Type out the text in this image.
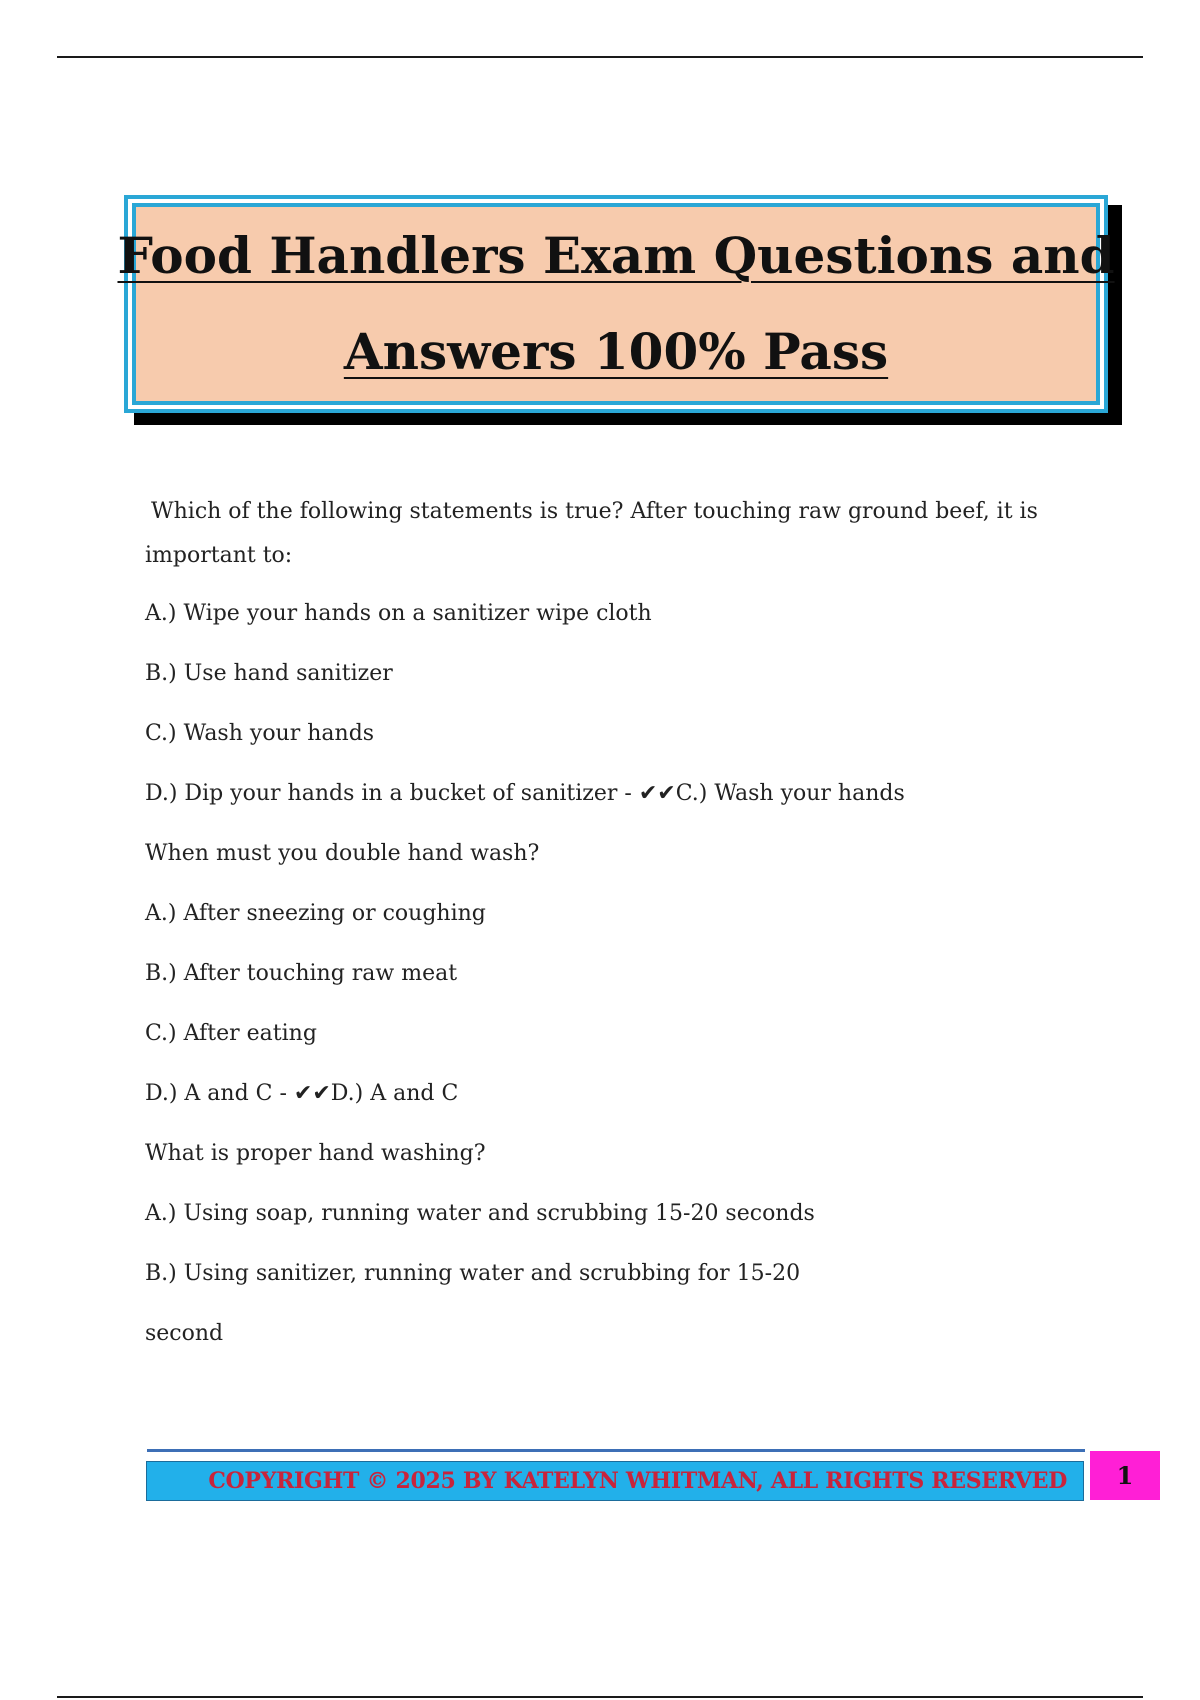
Food Handlers Exam Questions and
Answers 100% Pass

Which of the following statements is true? After touching raw ground beef, it is important to:

A.) Wipe your hands on a sanitizer wipe cloth

B.) Use hand sanitizer

C.) Wash your hands

D.) Dip your hands in a bucket of sanitizer - ✔✔C.) Wash your hands

When must you double hand wash?

A.) After sneezing or coughing

B.) After touching raw meat

C.) After eating

D.) A and C - ✔✔D.) A and C

What is proper hand washing?

A.) Using soap, running water and scrubbing 15-20 seconds

B.) Using sanitizer, running water and scrubbing for 15-20

second

COPYRIGHT © 2025 BY KATELYN WHITMAN, ALL RIGHTS RESERVED 1
